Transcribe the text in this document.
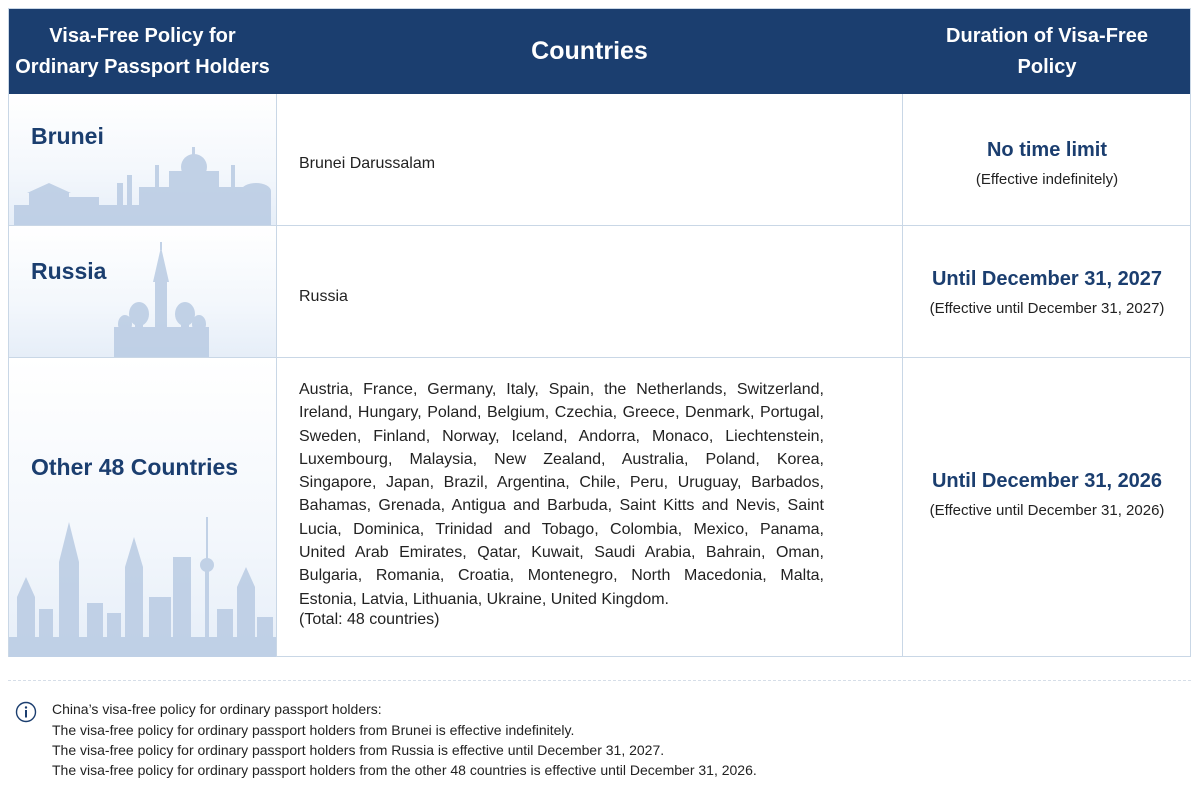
Visa-Free Policy for
Ordinary Passport Holders
Countries
Duration of Visa-Free
Policy
Brunei
Brunei Darussalam
No time limit
(Effective indefinitely)
Russia
Russia
Until December 31, 2027
(Effective until December 31, 2027)
Other 48 Countries
Austria, France, Germany, Italy, Spain, the Netherlands, Switzerland, Ireland, Hungary, Poland, Belgium, Czechia, Greece, Denmark, Portugal, Sweden, Finland, Norway, Iceland, Andorra, Monaco, Liechtenstein, Luxembourg, Malaysia, New Zealand, Australia, Poland, Korea, Singapore, Japan, Brazil, Argentina, Chile, Peru, Uruguay, Barbados, Bahamas, Grenada, Antigua and Barbuda, Saint Kitts and Nevis, Saint Lucia, Dominica, Trinidad and Tobago, Colombia, Mexico, Panama, United Arab Emirates, Qatar, Kuwait, Saudi Arabia, Bahrain, Oman, Bulgaria, Romania, Croatia, Montenegro, North Macedonia, Malta, Estonia, Latvia, Lithuania, Ukraine, United Kingdom.
(Total: 48 countries)
Until December 31, 2026
(Effective until December 31, 2026)
China’s visa-free policy for ordinary passport holders:
The visa-free policy for ordinary passport holders from Brunei is effective indefinitely.
The visa-free policy for ordinary passport holders from Russia is effective until December 31, 2027.
The visa-free policy for ordinary passport holders from the other 48 countries is effective until December 31, 2026.
